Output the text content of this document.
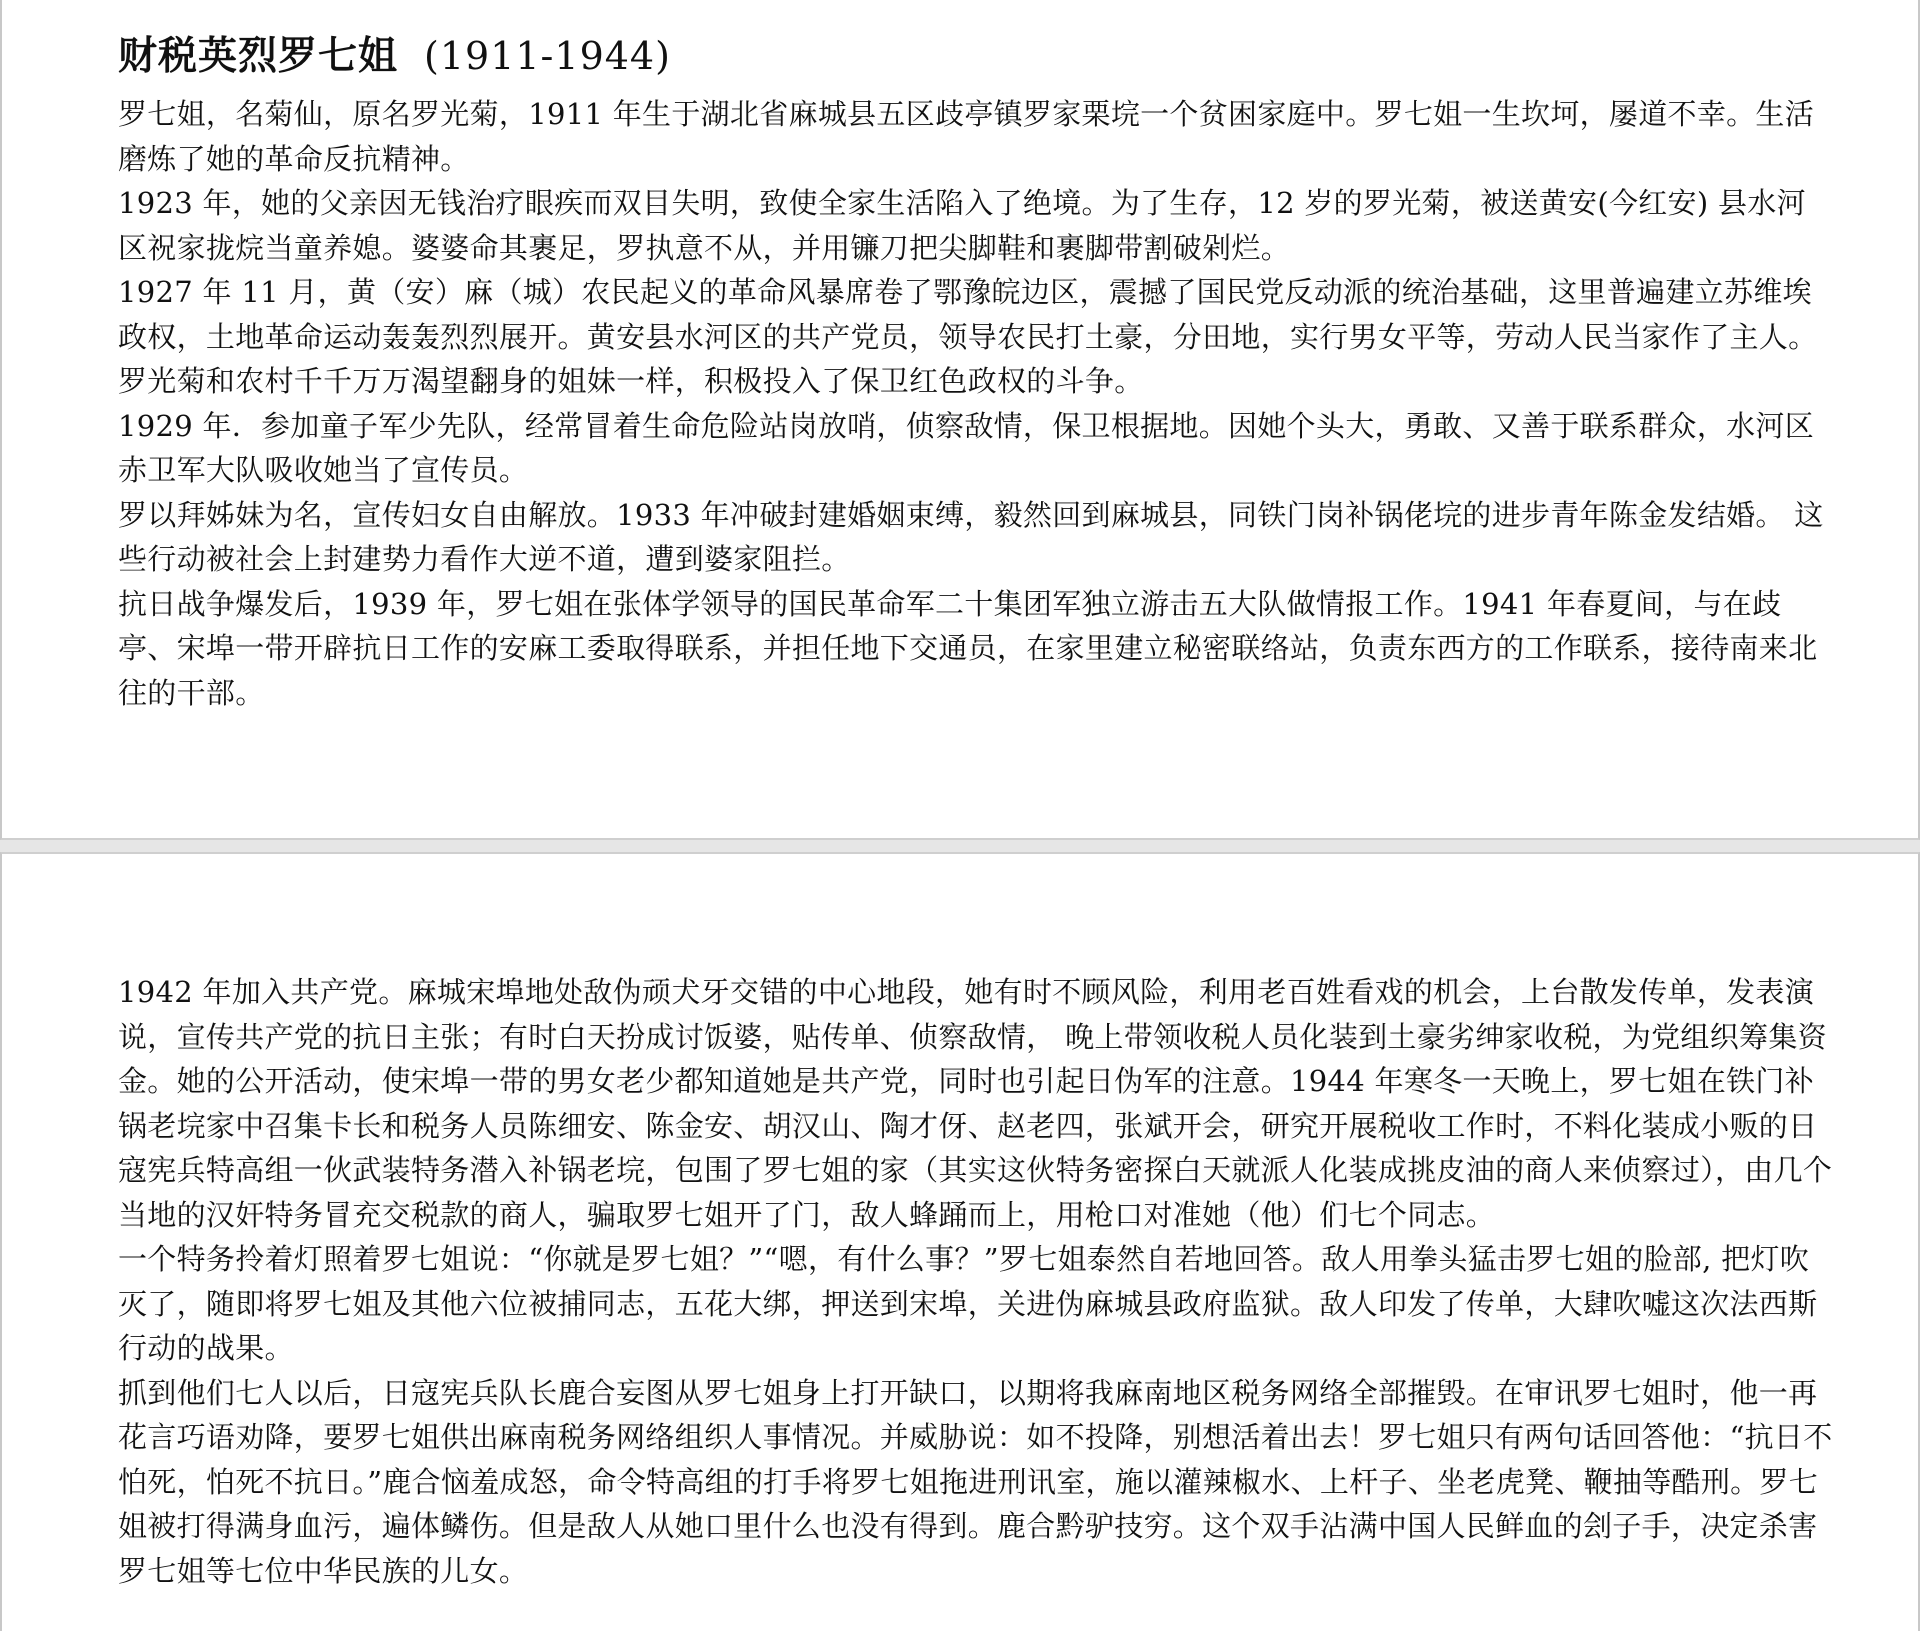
财税英烈罗七姐 (1911-1944)

罗七姐，名菊仙，原名罗光菊，1911 年生于湖北省麻城县五区歧亭镇罗家栗垸一个贫困家庭中。罗七姐一生坎坷，屡道不幸。生活磨炼了她的革命反抗精神。

1923 年，她的父亲因无钱治疗眼疾而双目失明，致使全家生活陷入了绝境。为了生存，12 岁的罗光菊，被送黄安(今红安) 县水河区祝家拢烷当童养媳。婆婆命其裹足，罗执意不从，并用镰刀把尖脚鞋和裹脚带割破剁烂。

1927 年 11 月，黄（安）麻（城）农民起义的革命风暴席卷了鄂豫皖边区，震撼了国民党反动派的统治基础，这里普遍建立苏维埃政权，土地革命运动轰轰烈烈展开。黄安县水河区的共产党员，领导农民打土豪，分田地，实行男女平等，劳动人民当家作了主人。罗光菊和农村千千万万渴望翻身的姐妹一样，积极投入了保卫红色政权的斗争。

1929 年．参加童子军少先队，经常冒着生命危险站岗放哨，侦察敌情，保卫根据地。因她个头大，勇敢、又善于联系群众，水河区赤卫军大队吸收她当了宣传员。

罗以拜姊妹为名，宣传妇女自由解放。1933 年冲破封建婚姻束缚，毅然回到麻城县，同铁门岗补锅佬垸的进步青年陈金发结婚。 这些行动被社会上封建势力看作大逆不道，遭到婆家阻拦。

抗日战争爆发后，1939 年，罗七姐在张体学领导的国民革命军二十集团军独立游击五大队做情报工作。1941 年春夏间，与在歧亭、宋埠一带开辟抗日工作的安麻工委取得联系，并担任地下交通员，在家里建立秘密联络站，负责东西方的工作联系，接待南来北往的干部。

1942 年加入共产党。麻城宋埠地处敌伪顽犬牙交错的中心地段，她有时不顾风险，利用老百姓看戏的机会，上台散发传单，发表演说，宣传共产党的抗日主张；有时白天扮成讨饭婆，贴传单、侦察敌情， 晚上带领收税人员化装到土豪劣绅家收税，为党组织筹集资金。她的公开活动，使宋埠一带的男女老少都知道她是共产党，同时也引起日伪军的注意。1944 年寒冬一天晚上，罗七姐在铁门补锅老垸家中召集卡长和税务人员陈细安、陈金安、胡汉山、陶才伢、赵老四，张斌开会，研究开展税收工作时，不料化装成小贩的日寇宪兵特高组一伙武装特务潜入补锅老垸，包围了罗七姐的家（其实这伙特务密探白天就派人化装成挑皮油的商人来侦察过），由几个当地的汉奸特务冒充交税款的商人，骗取罗七姐开了门，敌人蜂踊而上，用枪口对准她（他）们七个同志。

一个特务拎着灯照着罗七姐说：“你就是罗七姐？”“嗯，有什么事？”罗七姐泰然自若地回答。敌人用拳头猛击罗七姐的脸部, 把灯吹灭了，随即将罗七姐及其他六位被捕同志，五花大绑，押送到宋埠，关进伪麻城县政府监狱。敌人印发了传单，大肆吹嘘这次法西斯行动的战果。

抓到他们七人以后，日寇宪兵队长鹿合妄图从罗七姐身上打开缺口，以期将我麻南地区税务网络全部摧毁。在审讯罗七姐时，他一再花言巧语劝降，要罗七姐供出麻南税务网络组织人事情况。并威胁说：如不投降，别想活着出去！罗七姐只有两句话回答他：“抗日不怕死，怕死不抗日。”鹿合恼羞成怒，命令特高组的打手将罗七姐拖进刑讯室，施以灌辣椒水、上杆子、坐老虎凳、鞭抽等酷刑。罗七姐被打得满身血污，遍体鳞伤。但是敌人从她口里什么也没有得到。鹿合黔驴技穷。这个双手沾满中国人民鲜血的刽子手，决定杀害罗七姐等七位中华民族的儿女。
